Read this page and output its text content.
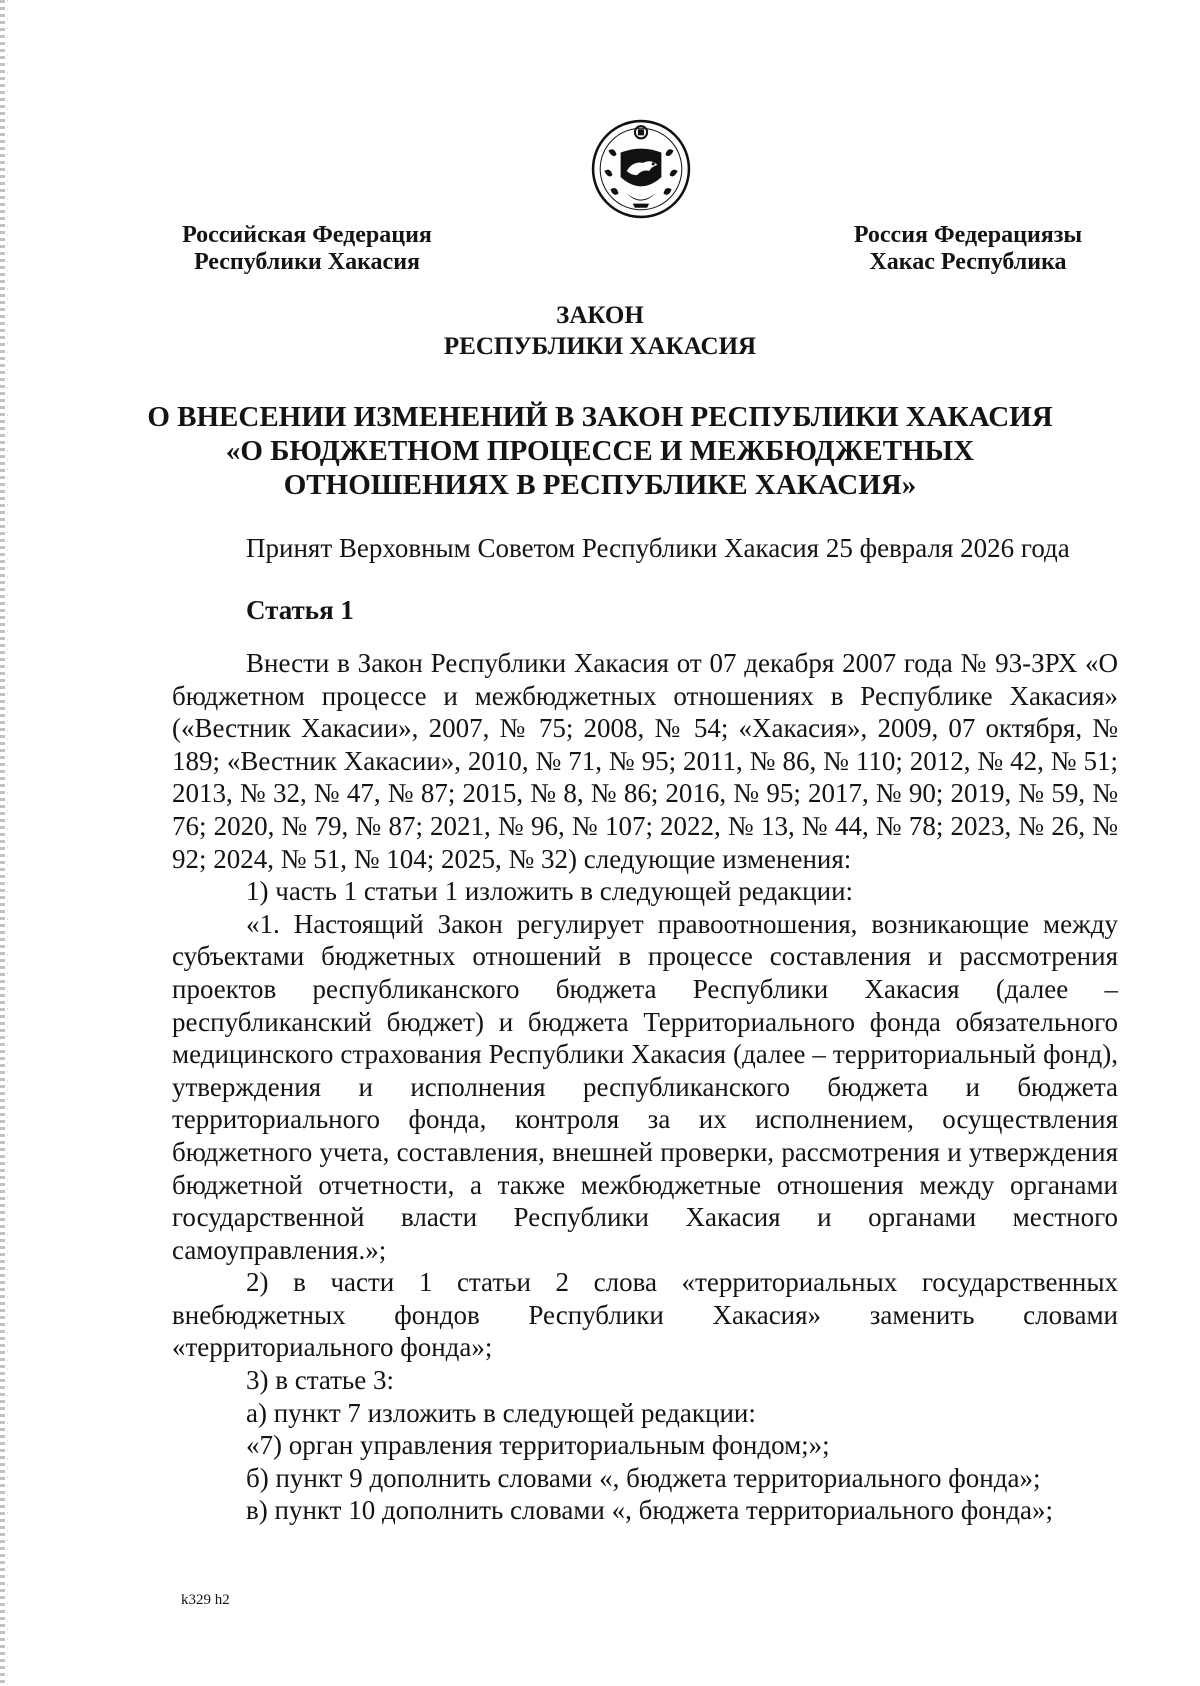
Российская Федерация
Республики Хакасия
Россия Федерациязы
Хакас Республика
ЗАКОН
РЕСПУБЛИКИ ХАКАСИЯ
О ВНЕСЕНИИ ИЗМЕНЕНИЙ В ЗАКОН РЕСПУБЛИКИ ХАКАСИЯ
«О БЮДЖЕТНОМ ПРОЦЕССЕ И МЕЖБЮДЖЕТНЫХ
ОТНОШЕНИЯХ В РЕСПУБЛИКЕ ХАКАСИЯ»
Принят Верховным Советом Республики Хакасия 25 февраля 2026 года
Статья 1

Внести в Закон Республики Хакасия от 07 декабря 2007 года № 93-ЗРХ «О бюджетном процессе и межбюджетных отношениях в Республике Хакасия» («Вестник Хакасии», 2007, № 75; 2008, № 54; «Хакасия», 2009, 07 октября, № 189; «Вестник Хакасии», 2010, № 71, № 95; 2011, № 86, № 110; 2012, № 42, № 51; 2013, № 32, № 47, № 87; 2015, № 8, № 86; 2016, № 95; 2017, № 90; 2019, № 59, № 76; 2020, № 79, № 87; 2021, № 96, № 107; 2022, № 13, № 44, № 78; 2023, № 26, № 92; 2024, № 51, № 104; 2025, № 32) следующие изменения:

1) часть 1 статьи 1 изложить в следующей редакции:

«1. Настоящий Закон регулирует правоотношения, возникающие между субъектами бюджетных отношений в процессе составления и рассмотрения проектов республиканского бюджета Республики Хакасия (далее – республиканский бюджет) и бюджета Территориального фонда обязательного медицинского страхования Республики Хакасия (далее – территориальный фонд), утверждения и исполнения республиканского бюджета и бюджета территориального фонда, контроля за их исполнением, осуществления бюджетного учета, составления, внешней проверки, рассмотрения и утверждения бюджетной отчетности, а также межбюджетные отношения между органами государственной власти Республики Хакасия и органами местного самоуправления.»;

2) в части 1 статьи 2 слова «территориальных государственных внебюджетных фондов Республики Хакасия» заменить словами «территориального фонда»;

3) в статье 3:

а) пункт 7 изложить в следующей редакции:

«7) орган управления территориальным фондом;»;

б) пункт 9 дополнить словами «, бюджета территориального фонда»;

в) пункт 10 дополнить словами «, бюджета территориального фонда»;

k329 h2
